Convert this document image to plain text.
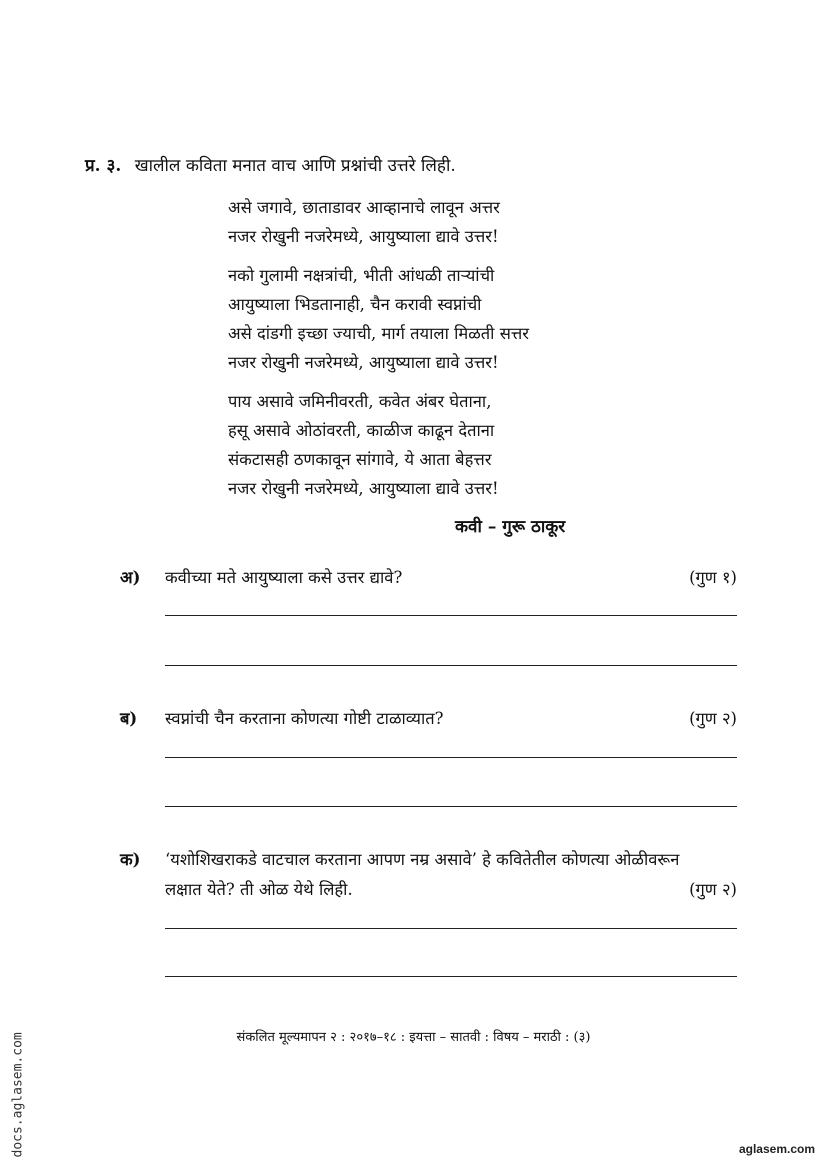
प्र. ३. खालील कविता मनात वाच आणि प्रश्नांची उत्तरे लिही.
असे जगावे, छाताडावर आव्हानाचे लावून अत्तर
नजर रोखुनी नजरेमध्ये, आयुष्याला द्यावे उत्तर!
नको गुलामी नक्षत्रांची, भीती आंधळी ताऱ्यांची
आयुष्याला भिडतानाही, चैन करावी स्वप्नांची
असे दांडगी इच्छा ज्याची, मार्ग तयाला मिळती सत्तर
नजर रोखुनी नजरेमध्ये, आयुष्याला द्यावे उत्तर!
पाय असावे जमिनीवरती, कवेत अंबर घेताना,
हसू असावे ओठांवरती, काळीज काढून देताना
संकटासही ठणकावून सांगावे, ये आता बेहत्तर
नजर रोखुनी नजरेमध्ये, आयुष्याला द्यावे उत्तर!
कवी – गुरू ठाकूर
अ) कवीच्या मते आयुष्याला कसे उत्तर द्यावे?	(गुण १)
ब) स्वप्नांची चैन करताना कोणत्या गोष्टी टाळाव्यात?	(गुण २)
क) ‘यशोशिखराकडे वाटचाल करताना आपण नम्र असावे’ हे कवितेतील कोणत्या ओळीवरून
लक्षात येते? ती ओळ येथे लिही.	(गुण २)
संकलित मूल्यमापन २ : २०१७–१८ : इयत्ता – सातवी : विषय – मराठी : (३)
docs.aglasem.com	aglasem.com
